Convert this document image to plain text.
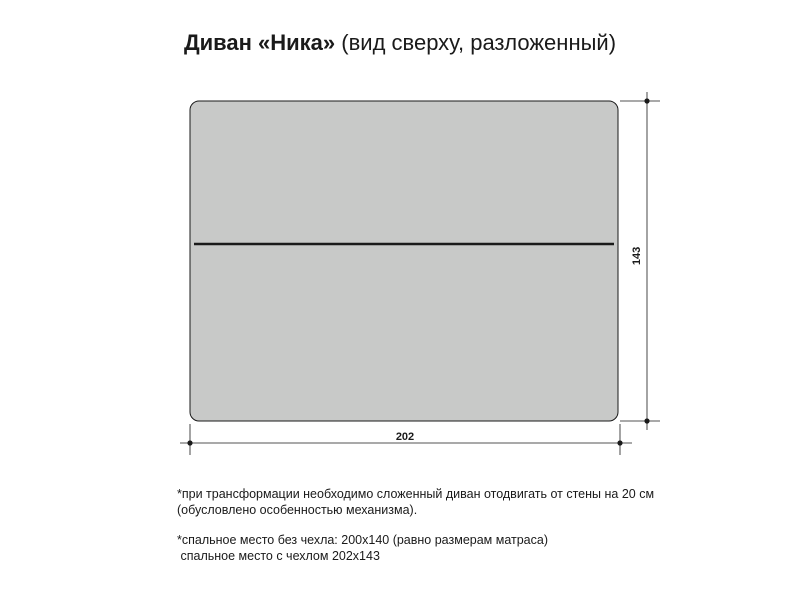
Диван «Ника» (вид сверху, разложенный)
143
202

*при трансформации необходимо сложенный диван отодвигать от стены на 20 см

(обусловлено особенностью механизма).

*спальное место без чехла: 200х140 (равно размерам матраса)

спальное место с чехлом 202х143
